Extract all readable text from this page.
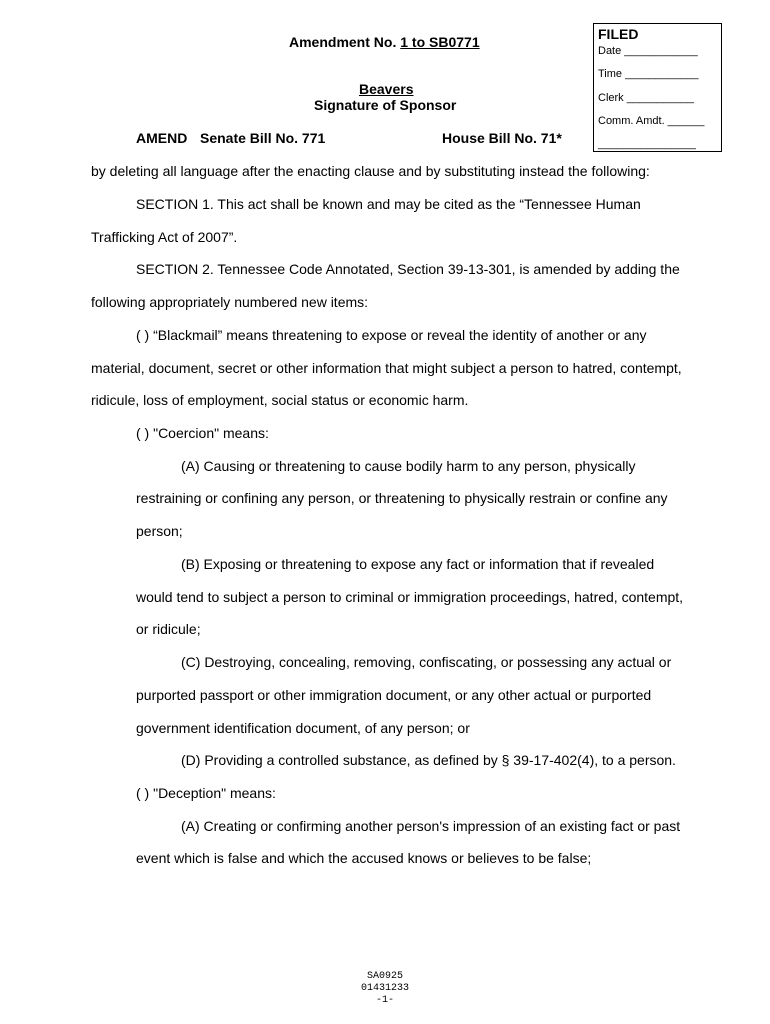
Amendment No. 1 to SB0771
Beavers
Signature of Sponsor
AMEND Senate Bill No. 771	House Bill No. 71*
FILED
Date ____________
Time ____________
Clerk ___________
Comm. Amdt. ______
________________
by deleting all language after the enacting clause and by substituting instead the following:
SECTION 1. This act shall be known and may be cited as the “Tennessee Human
Trafficking Act of 2007”.
SECTION 2. Tennessee Code Annotated, Section 39-13-301, is amended by adding the
following appropriately numbered new items:
( ) “Blackmail” means threatening to expose or reveal the identity of another or any
material, document, secret or other information that might subject a person to hatred, contempt,
ridicule, loss of employment, social status or economic harm.
( ) "Coercion" means:
(A) Causing or threatening to cause bodily harm to any person, physically
restraining or confining any person, or threatening to physically restrain or confine any
person;
(B) Exposing or threatening to expose any fact or information that if revealed
would tend to subject a person to criminal or immigration proceedings, hatred, contempt,
or ridicule;
(C) Destroying, concealing, removing, confiscating, or possessing any actual or
purported passport or other immigration document, or any other actual or purported
government identification document, of any person; or
(D) Providing a controlled substance, as defined by § 39-17-402(4), to a person.
( ) "Deception" means:
(A) Creating or confirming another person's impression of an existing fact or past
event which is false and which the accused knows or believes to be false;
SA0925
01431233
-1-
